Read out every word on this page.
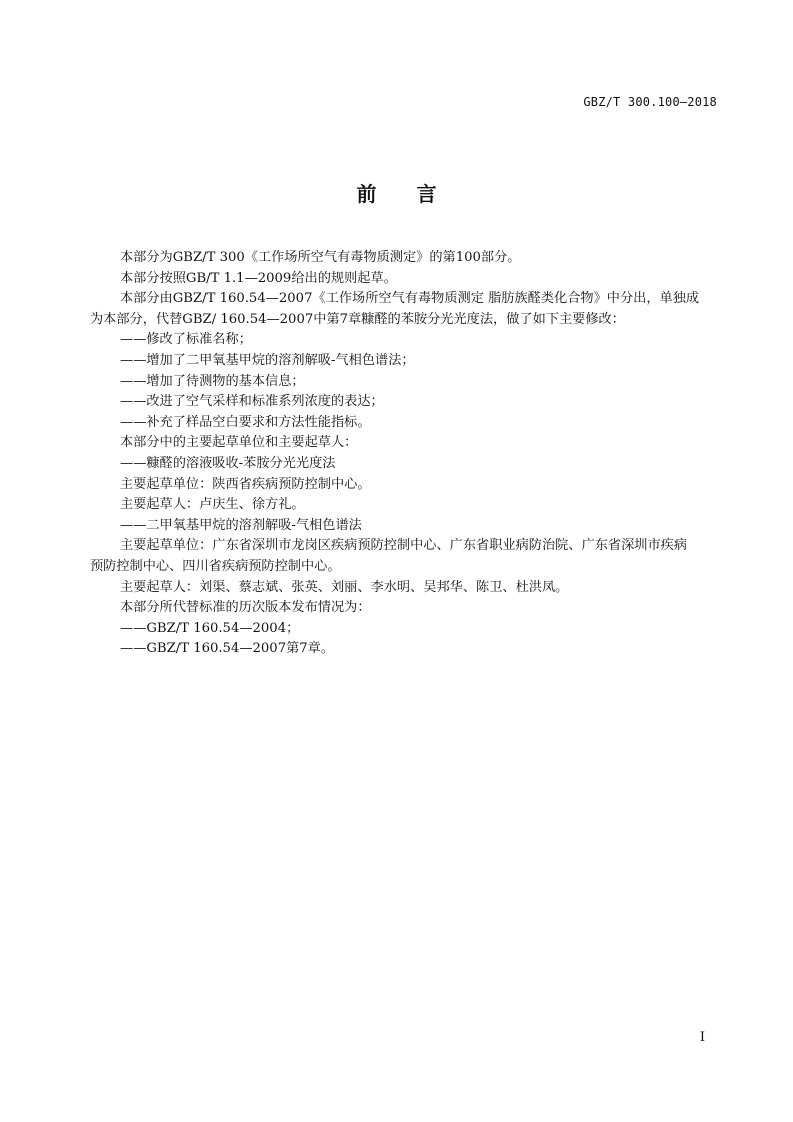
GBZ/T 300.100—2018
前言

本部分为GBZ/T 300《工作场所空气有毒物质测定》的第100部分。

本部分按照GB/T 1.1—2009给出的规则起草。

本部分由GBZ/T 160.54—2007《工作场所空气有毒物质测定 脂肪族醛类化合物》中分出，单独成

为本部分，代替GBZ/ 160.54—2007中第7章糠醛的苯胺分光光度法，做了如下主要修改：

——修改了标准名称；

——增加了二甲氧基甲烷的溶剂解吸-气相色谱法；

——增加了待测物的基本信息；

——改进了空气采样和标准系列浓度的表达；

——补充了样品空白要求和方法性能指标。

本部分中的主要起草单位和主要起草人：

——糠醛的溶液吸收-苯胺分光光度法

主要起草单位：陕西省疾病预防控制中心。

主要起草人：卢庆生、徐方礼。

——二甲氧基甲烷的溶剂解吸-气相色谱法

主要起草单位：广东省深圳市龙岗区疾病预防控制中心、广东省职业病防治院、广东省深圳市疾病

预防控制中心、四川省疾病预防控制中心。

主要起草人：刘渠、蔡志斌、张英、刘丽、李水明、吴邦华、陈卫、杜洪凤。

本部分所代替标准的历次版本发布情况为：

——GBZ/T 160.54—2004；

——GBZ/T 160.54—2007第7章。

I
